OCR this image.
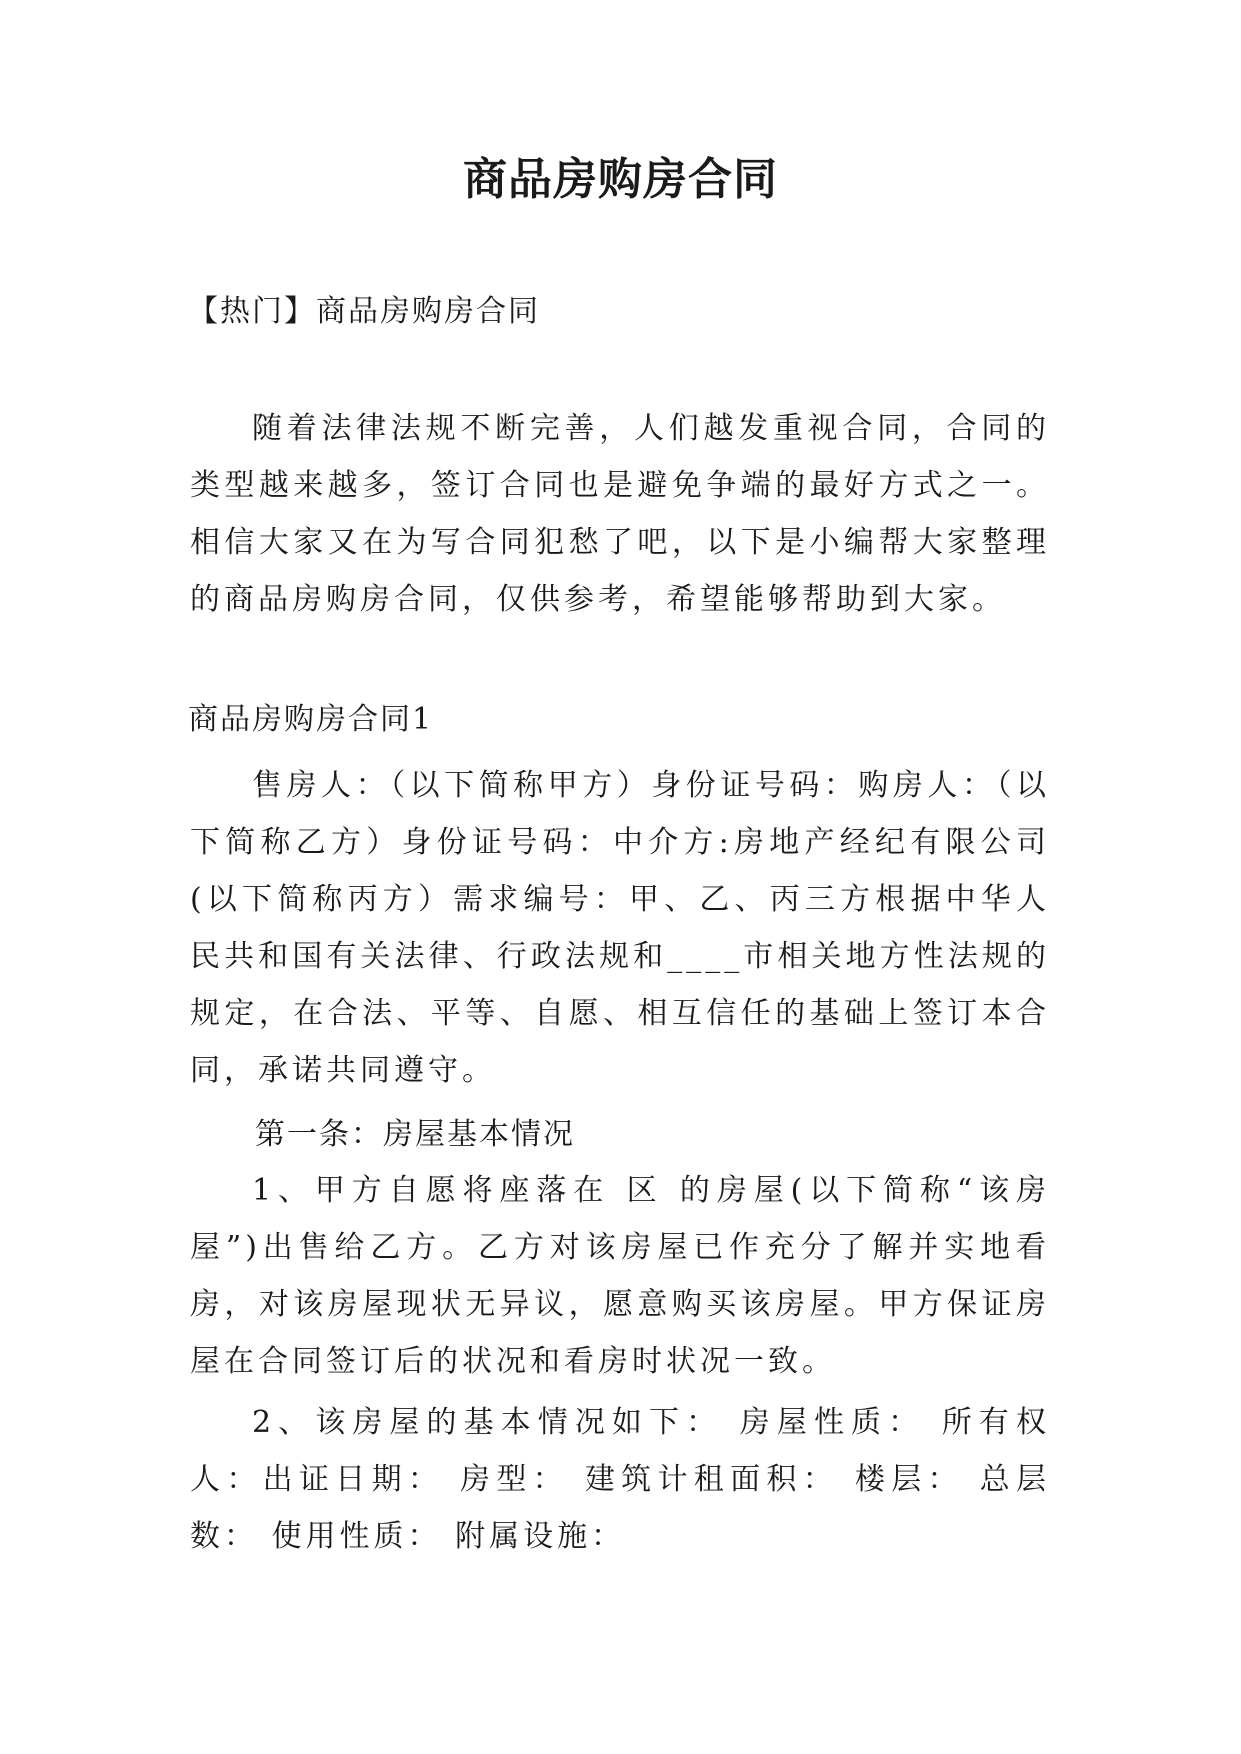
商品房购房合同
【热门】商品房购房合同
随着法律法规不断完善，人们越发重视合同，合同的类型越来越多，签订合同也是避免争端的最好方式之一。相信大家又在为写合同犯愁了吧，以下是小编帮大家整理的商品房购房合同，仅供参考，希望能够帮助到大家。
商品房购房合同1
售房人：（以下简称甲方）身份证号码：购房人：（以下简称乙方）身份证号码：中介方:房地产经纪有限公司(以下简称丙方）需求编号：甲、乙、丙三方根据中华人民共和国有关法律、行政法规和____市相关地方性法规的规定，在合法、平等、自愿、相互信任的基础上签订本合同，承诺共同遵守。
第一条：房屋基本情况
1、甲方自愿将座落在 区 的房屋(以下简称“该房屋”)出售给乙方。乙方对该房屋已作充分了解并实地看房，对该房屋现状无异议，愿意购买该房屋。甲方保证房屋在合同签订后的状况和看房时状况一致。
2、该房屋的基本情况如下： 房屋性质： 所有权人：出证日期： 房型： 建筑计租面积： 楼层： 总层数： 使用性质： 附属设施：
